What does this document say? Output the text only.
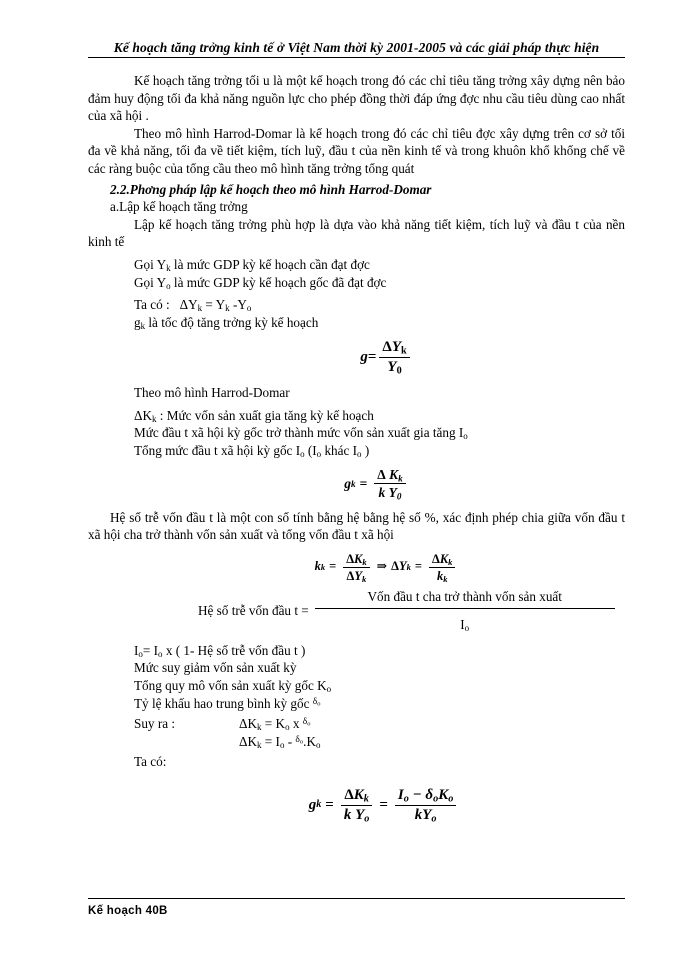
Kế hoạch tăng trởng kinh tế ở Việt Nam thời kỳ 2001-2005 và các giải pháp thực hiện

Kế hoạch tăng trởng tối u là một kế hoạch trong đó các chỉ tiêu tăng trởng xây dựng nên bảo đảm huy động tối đa khả năng nguồn lực cho phép đồng thời đáp ứng đợc nhu cầu tiêu dùng cao nhất của xã hội .

Theo mô hình Harrod-Domar là kế hoạch trong đó các chỉ tiêu đợc xây dựng trên cơ sở tối đa về khả năng, tối đa về tiết kiệm, tích luỹ, đầu t của nền kinh tế và trong khuôn khổ khống chế về các ràng buộc của tổng cầu theo mô hình tăng trởng tổng quát

2.2.Phơng pháp lập kế hoạch theo mô hình Harrod-Domar

a.Lập kế hoạch tăng trởng

Lập kế hoạch tăng trởng phù hợp là dựa vào khả năng tiết kiệm, tích luỹ và đầu t của nền kinh tế

Gọi $Y_k$ là mức GDP kỳ kế hoạch cần đạt đợc

Gọi $Y_o$ là mức GDP kỳ kế hoạch gốc đã đạt đợc

Ta có : $\Delta Y_k = Y_k$ $-Y_o$

$g_k$ là tốc độ tăng trởng kỳ kế hoạch

$g = \frac{\Delta Y_k}{Y_0}$

Theo mô hình Harrod-Domar

$\Delta K_k$ : Mức vốn sản xuất gia tăng kỳ kế hoạch

Mức đầu t xã hội kỳ gốc trở thành mức vốn sản xuất gia tăng $I_o$

Tổng mức đầu t xã hội kỳ gốc $I_o$ ($I_o$ khác $I_o$ )

g $k = \frac{\Delta K_k}{k Y_0}$

Hệ số trễ vốn đầu t là một con số tính bằng hệ bằng hệ số %, xác định phép chia giữa vốn đầu t xã hội cha trở thành vốn sản xuất và tổng vốn đầu t xã hội

k $k = \frac{\Delta K_k}{\Delta Y_k}$ ⇒ Δ Y $k = \frac{\Delta K_k}{k_k}$
Hệ số trễ vốn đầu $t = \frac{\text{Vốn đầu t cha trở thành vốn sản xuất}}{I_o}$

$I_o= I_o$ x ( 1- Hệ số trễ vốn đầu t )

Mức suy giảm vốn sản xuất kỳ

Tổng quy mô vốn sản xuất kỳ gốc $K_o$

Tỷ lệ khấu hao trung bình kỳ gốc $^{\delta_o}$

Suy ra :	$\Delta K_k = K_o$ x $^{\delta_o}$
$\Delta K_k = I_o - ^{\delta_o}.K_o$

Ta có:

g $k = \frac{\Delta K_k}{k Y_o} = \frac{I_o - \delta_oK_o}{kY_o}$
Kế hoạch 40B
